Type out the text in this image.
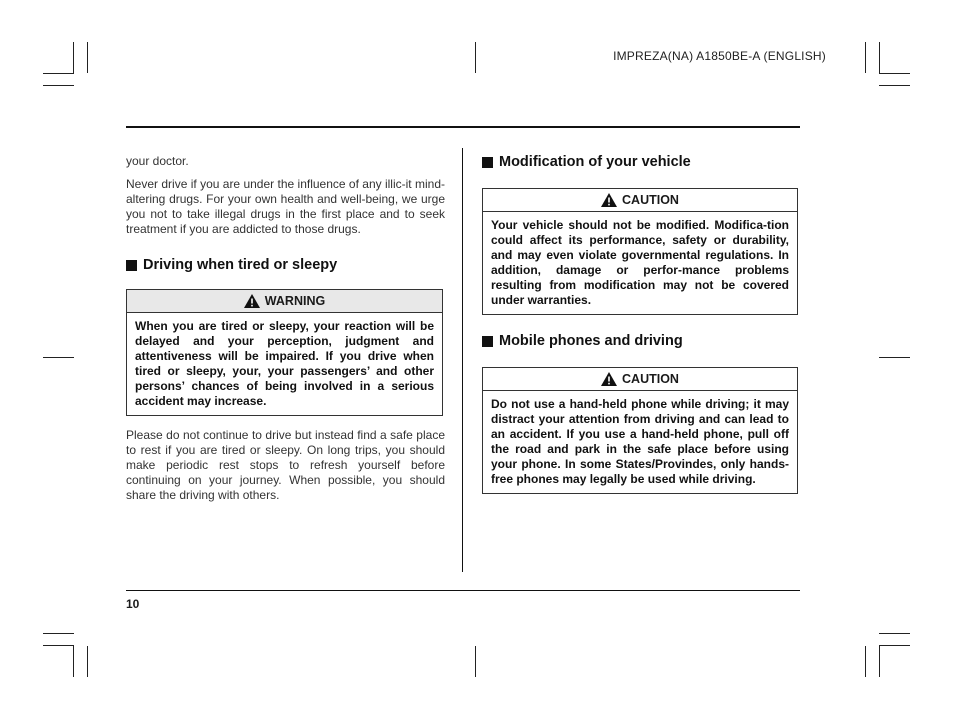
IMPREZA(NA) A1850BE-A (ENGLISH)

your doctor.

Never drive if you are under the influence of any illic-it mind-altering drugs. For your own health and well-being, we urge you not to take illegal drugs in the first place and to seek treatment if you are addicted to those drugs.

Driving when tired or sleepy
WARNING
When you are tired or sleepy, your reaction will be delayed and your perception, judgment and attentiveness will be impaired. If you drive when tired or sleepy, your, your passengers’ and other persons’ chances of being involved in a serious accident may increase.

Please do not continue to drive but instead find a safe place to rest if you are tired or sleepy. On long trips, you should make periodic rest stops to refresh yourself before continuing on your journey. When possible, you should share the driving with others.

Modification of your vehicle
CAUTION
Your vehicle should not be modified. Modifica-tion could affect its performance, safety or durability, and may even violate governmental regulations. In addition, damage or perfor-mance problems resulting from modification may not be covered under warranties.
Mobile phones and driving
CAUTION
Do not use a hand-held phone while driving; it may distract your attention from driving and can lead to an accident. If you use a hand-held phone, pull off the road and park in the safe place before using your phone. In some States/Provindes, only hands-free phones may legally be used while driving.
10
